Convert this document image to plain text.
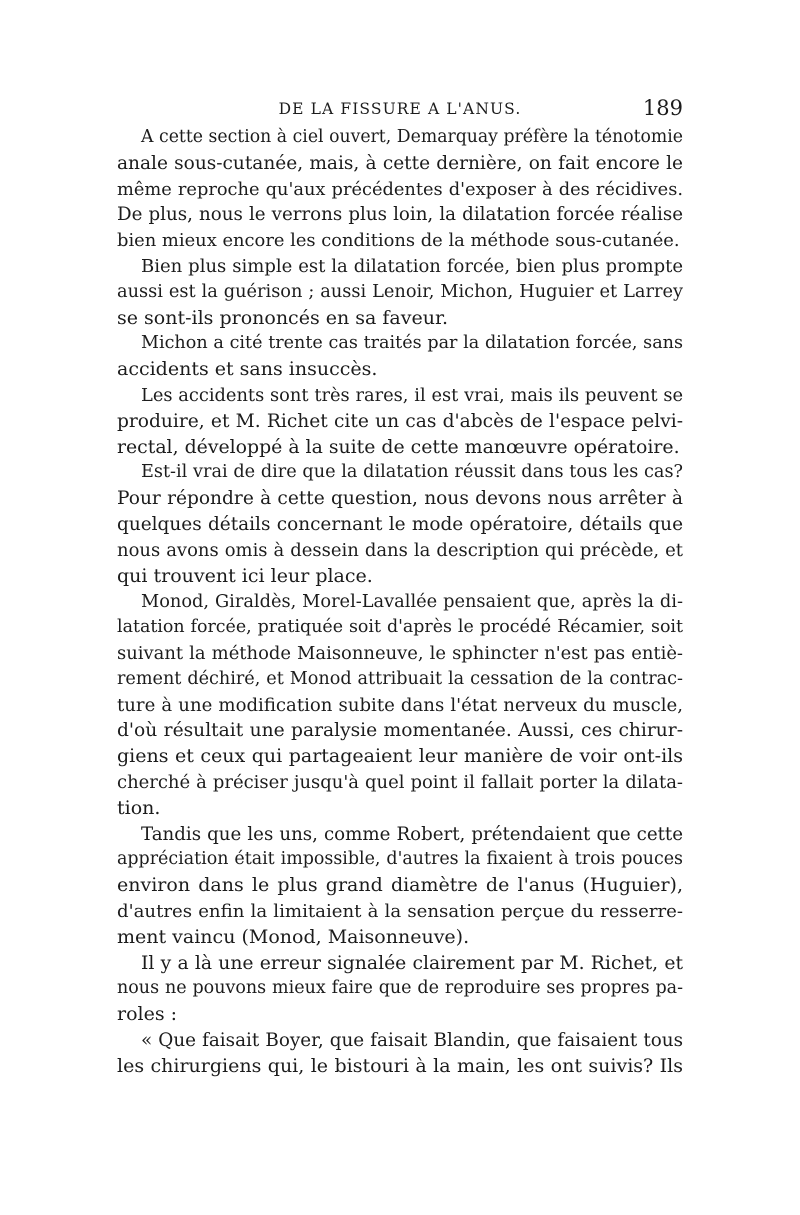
DE LA FISSURE A L'ANUS.	189

A cette section à ciel ouvert, Demarquay préfère la ténotomie
anale sous-cutanée, mais, à cette dernière, on fait encore le
même reproche qu'aux précédentes d'exposer à des récidives.
De plus, nous le verrons plus loin, la dilatation forcée réalise
bien mieux encore les conditions de la méthode sous-cutanée.

Bien plus simple est la dilatation forcée, bien plus prompte
aussi est la guérison ; aussi Lenoir, Michon, Huguier et Larrey
se sont-ils prononcés en sa faveur.

Michon a cité trente cas traités par la dilatation forcée, sans
accidents et sans insuccès.

Les accidents sont très rares, il est vrai, mais ils peuvent se
produire, et M. Richet cite un cas d'abcès de l'espace pelvi-
rectal, développé à la suite de cette manœuvre opératoire.

Est-il vrai de dire que la dilatation réussit dans tous les cas?
Pour répondre à cette question, nous devons nous arrêter à
quelques détails concernant le mode opératoire, détails que
nous avons omis à dessein dans la description qui précède, et
qui trouvent ici leur place.

Monod, Giraldès, Morel-Lavallée pensaient que, après la di-
latation forcée, pratiquée soit d'après le procédé Récamier, soit
suivant la méthode Maisonneuve, le sphincter n'est pas entiè-
rement déchiré, et Monod attribuait la cessation de la contrac-
ture à une modification subite dans l'état nerveux du muscle,
d'où résultait une paralysie momentanée. Aussi, ces chirur-
giens et ceux qui partageaient leur manière de voir ont-ils
cherché à préciser jusqu'à quel point il fallait porter la dilata-
tion.

Tandis que les uns, comme Robert, prétendaient que cette
appréciation était impossible, d'autres la fixaient à trois pouces
environ dans le plus grand diamètre de l'anus (Huguier),
d'autres enfin la limitaient à la sensation perçue du resserre-
ment vaincu (Monod, Maisonneuve).

Il y a là une erreur signalée clairement par M. Richet, et
nous ne pouvons mieux faire que de reproduire ses propres pa-
roles :

« Que faisait Boyer, que faisait Blandin, que faisaient tous
les chirurgiens qui, le bistouri à la main, les ont suivis? Ils
